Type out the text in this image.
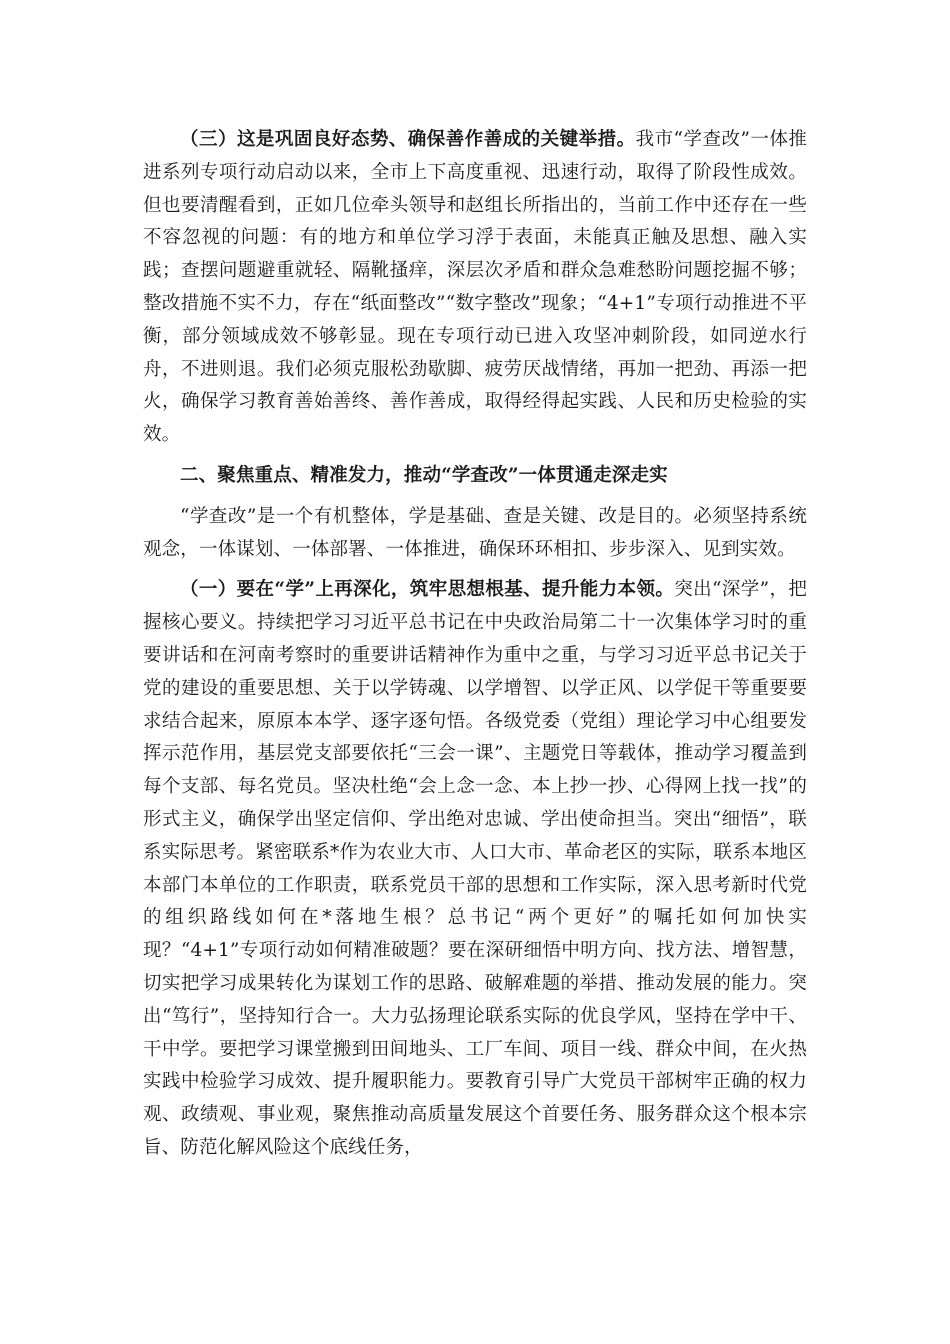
（三）这是巩固良好态势、确保善作善成的关键举措。我市“学查改”一体推进系列专项行动启动以来，全市上下高度重视、迅速行动，取得了阶段性成效。但也要清醒看到，正如几位牵头领导和赵组长所指出的，当前工作中还存在一些不容忽视的问题：有的地方和单位学习浮于表面，未能真正触及思想、融入实践；查摆问题避重就轻、隔靴搔痒，深层次矛盾和群众急难愁盼问题挖掘不够；整改措施不实不力，存在“纸面整改”“数字整改”现象；“4+1”专项行动推进不平衡，部分领域成效不够彰显。现在专项行动已进入攻坚冲刺阶段，如同逆水行舟，不进则退。我们必须克服松劲歇脚、疲劳厌战情绪，再加一把劲、再添一把火，确保学习教育善始善终、善作善成，取得经得起实践、人民和历史检验的实效。

二、聚焦重点、精准发力，推动“学查改”一体贯通走深走实

“学查改”是一个有机整体，学是基础、查是关键、改是目的。必须坚持系统观念，一体谋划、一体部署、一体推进，确保环环相扣、步步深入、见到实效。

（一）要在“学”上再深化，筑牢思想根基、提升能力本领。突出“深学”，把握核心要义。持续把学习习近平总书记在中央政治局第二十一次集体学习时的重要讲话和在河南考察时的重要讲话精神作为重中之重，与学习习近平总书记关于党的建设的重要思想、关于以学铸魂、以学增智、以学正风、以学促干等重要要求结合起来，原原本本学、逐字逐句悟。各级党委（党组）理论学习中心组要发挥示范作用，基层党支部要依托“三会一课”、主题党日等载体，推动学习覆盖到每个支部、每名党员。坚决杜绝“会上念一念、本上抄一抄、心得网上找一找”的形式主义，确保学出坚定信仰、学出绝对忠诚、学出使命担当。突出“细悟”，联系实际思考。紧密联系*作为农业大市、人口大市、革命老区的实际，联系本地区本部门本单位的工作职责，联系党员干部的思想和工作实际，深入思考新时代党的组织路线如何在*落地生根？总书记“两个更好”的嘱托如何加快实现？“4+1”专项行动如何精准破题？要在深研细悟中明方向、找方法、增智慧，切实把学习成果转化为谋划工作的思路、破解难题的举措、推动发展的能力。突出“笃行”，坚持知行合一。大力弘扬理论联系实际的优良学风，坚持在学中干、干中学。要把学习课堂搬到田间地头、工厂车间、项目一线、群众中间，在火热实践中检验学习成效、提升履职能力。要教育引导广大党员干部树牢正确的权力观、政绩观、事业观，聚焦推动高质量发展这个首要任务、服务群众这个根本宗旨、防范化解风险这个底线任务，
